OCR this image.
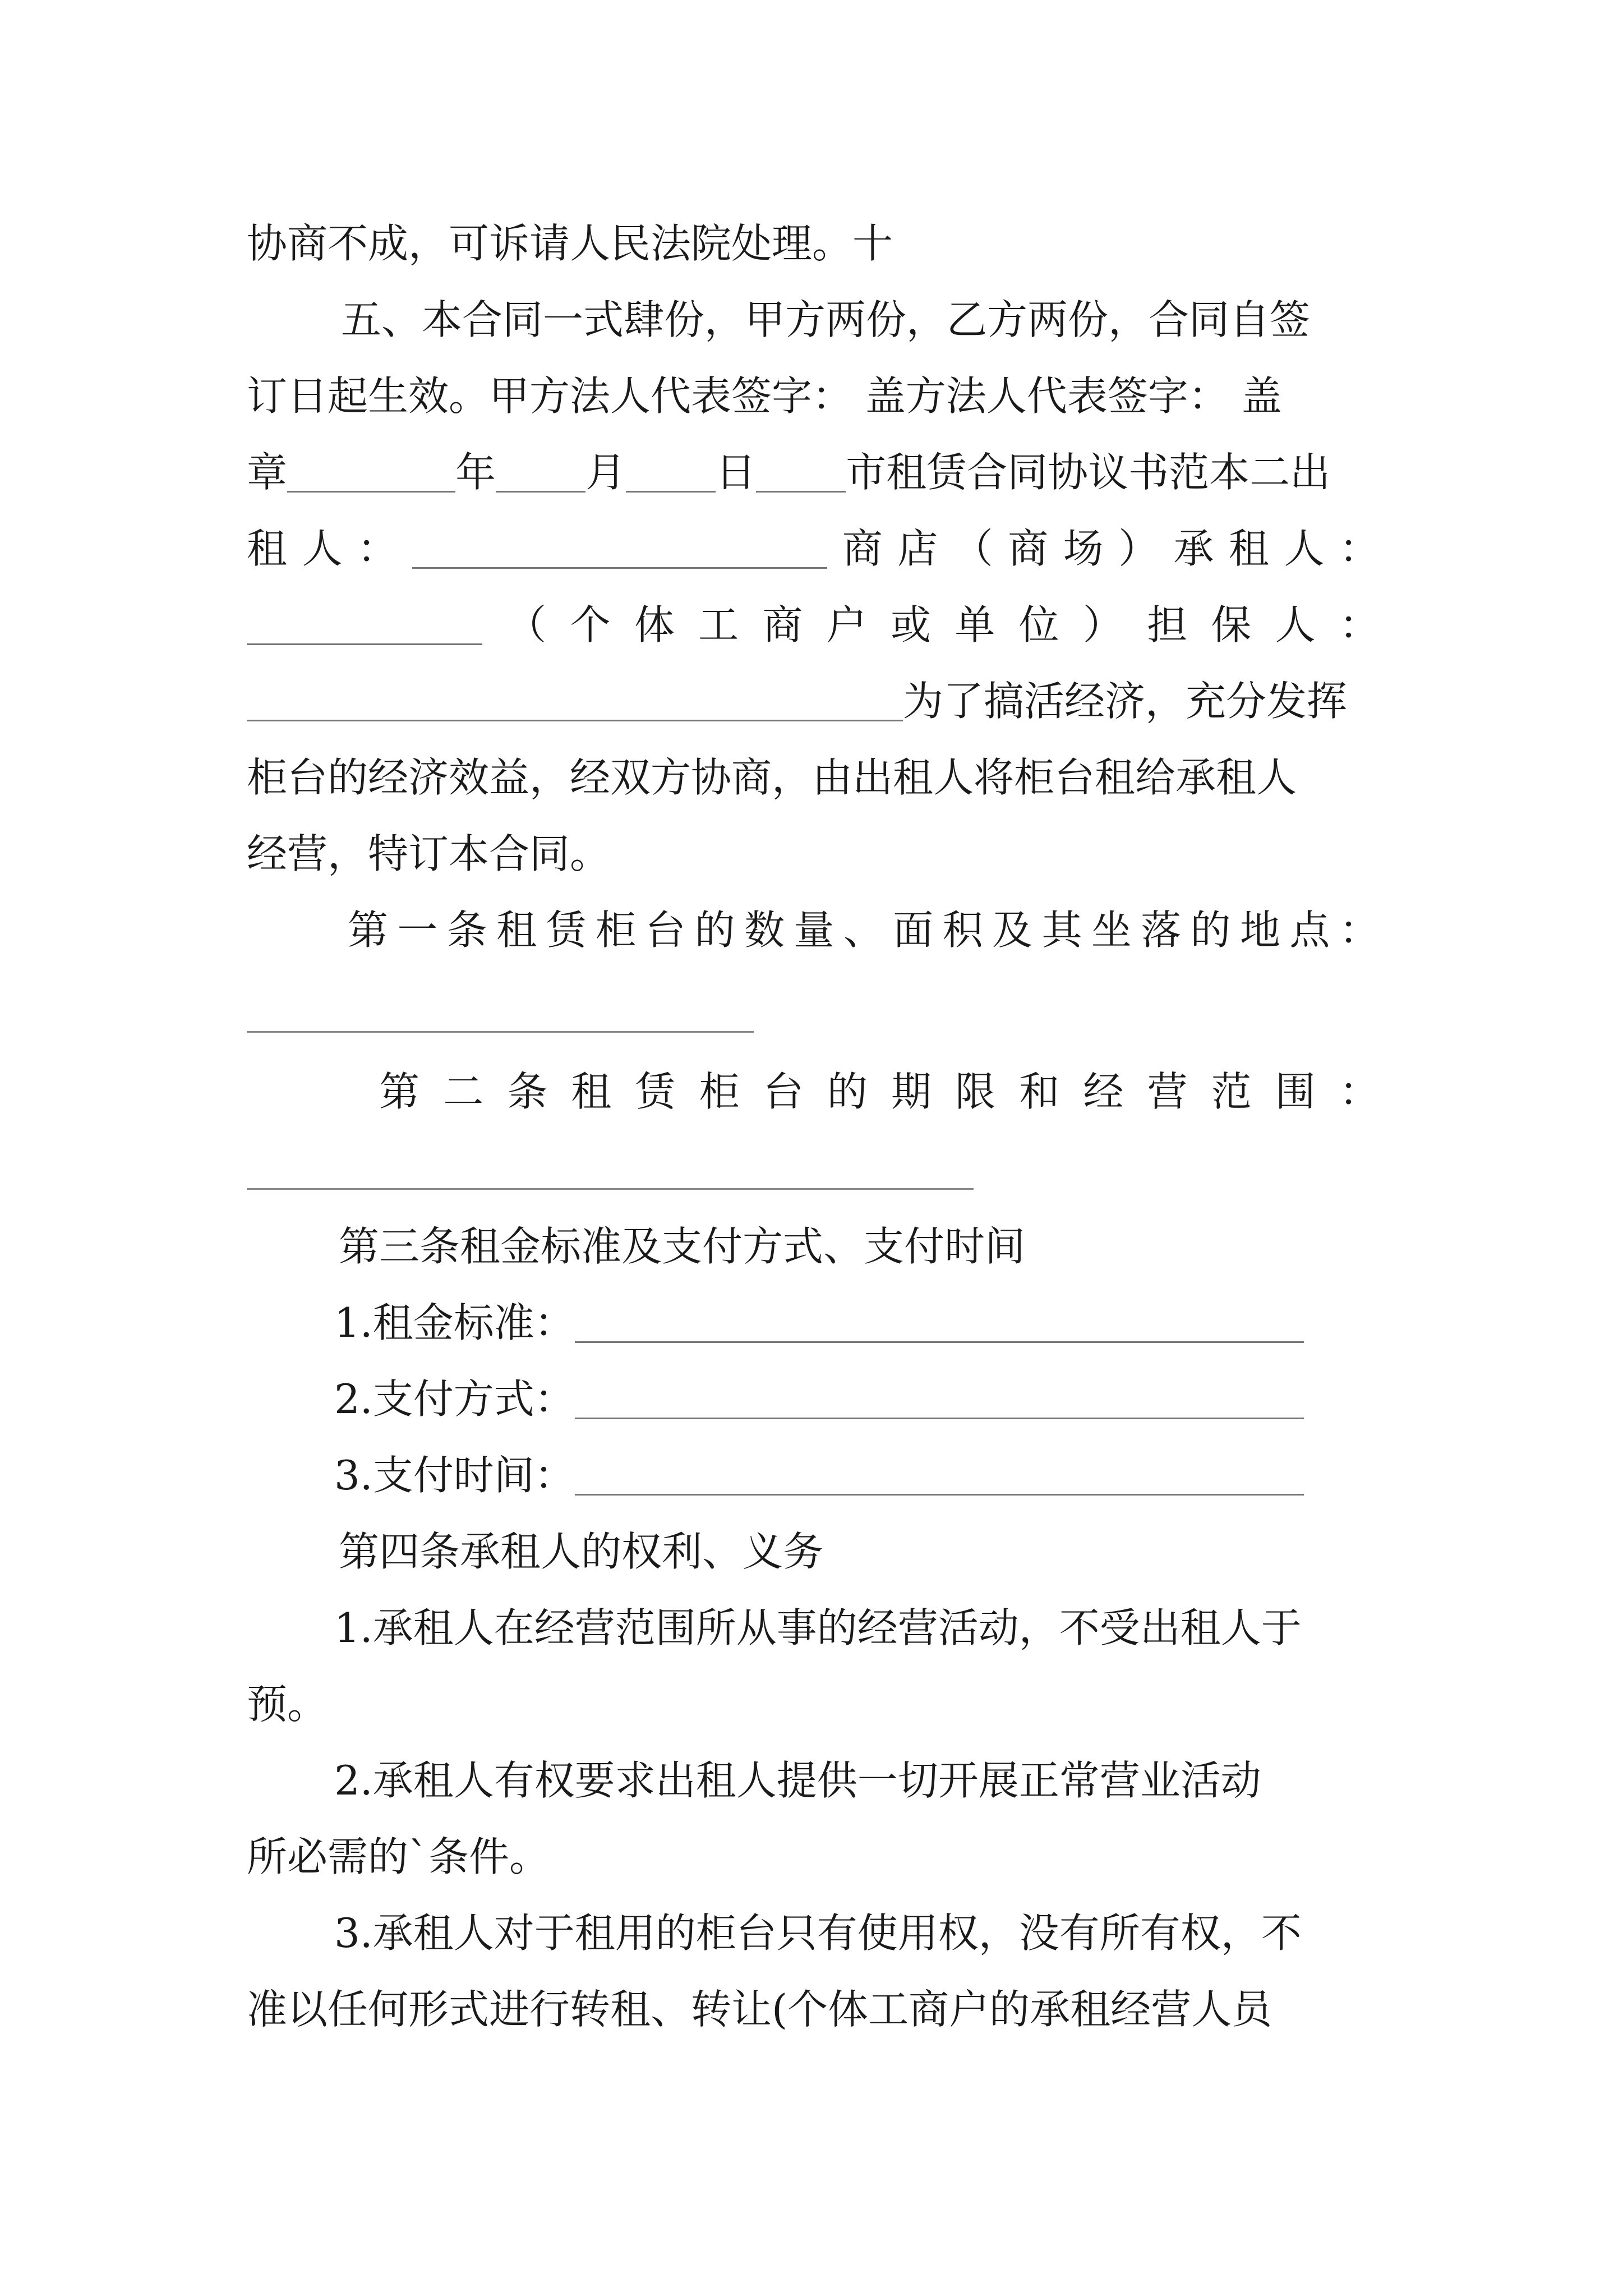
协商不成，可诉请人民法院处理。十
五、本合同一式肆份，甲方两份，乙方两份，合同自签
订日起生效。甲方法人代表签字： 盖方法人代表签字： 盖
章	年 月 日 市租赁合同协议书范本二出
租 人 ：	商 店 （ 商 场 ） 承 租 人 ：
（ 个 体 工 商 户 或 单 位 ） 担 保 人 ：
为了搞活经济，充分发挥
柜台的经济效益，经双方协商，由出租人将柜台租给承租人
经营，特订本合同。
第 一 条 租 赁 柜 台 的 数 量 、 面 积 及 其 坐 落 的 地 点 ：
第 二 条 租 赁 柜 台 的 期 限 和 经 营 范 围 ：
第三条租金标准及支付方式、支付时间
1.租金标准：
2.支付方式：
3.支付时间：
第四条承租人的权利、义务
1.承租人在经营范围所从事的经营活动，不受出租人于
预。
2.承租人有权要求出租人提供一切开展正常营业活动
所必需的`条件。
3.承租人对于租用的柜台只有使用权，没有所有权，不
准以任何形式进行转租、转让(个体工商户的承租经营人员
